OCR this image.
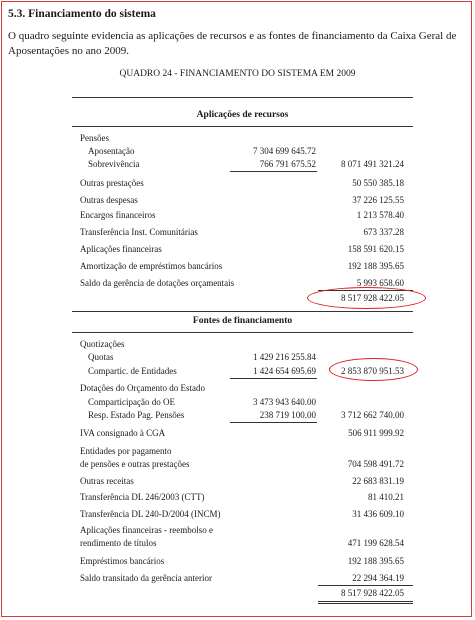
5.3. Financiamento do sistema
O quadro seguinte evidencia as aplicações de recursos e as fontes de financiamento da Caixa Geral de Aposentações no ano 2009.
QUADRO 24 - FINANCIAMENTO DO SISTEMA EM 2009
Aplicações de recursos
Pensões
Aposentação	7 304 699 645.72
Sobrevivência	766 791 675.52	8 071 491 321.24
Outras prestações	50 550 385.18
Outras despesas	37 226 125.55
Encargos financeiros	1 213 578.40
Transferência Inst. Comunitárias	673 337.28
Aplicações financeiras	158 591 620.15
Amortização de empréstimos bancários	192 188 395.65
Saldo da gerência de dotações orçamentais	5 993 658.60
8 517 928 422.05
Fontes de financiamento
Quotizações
Quotas	1 429 216 255.84
Compartic. de Entidades	1 424 654 695.69	2 853 870 951.53
Dotações do Orçamento do Estado
Comparticipação do OE	3 473 943 640.00
Resp. Estado Pag. Pensões	238 719 100.00	3 712 662 740.00
IVA consignado à CGA	506 911 999.92
Entidades por pagamento
de pensões e outras prestações	704 598 491.72
Outras receitas	22 683 831.19
Transferência DL 246/2003 (CTT)	81 410.21
Transferência DL 240-D/2004 (INCM)	31 436 609.10
Aplicações financeiras - reembolso e
rendimento de títulos	471 199 628.54
Empréstimos bancários	192 188 395.65
Saldo transitado da gerência anterior	22 294 364.19
8 517 928 422.05
